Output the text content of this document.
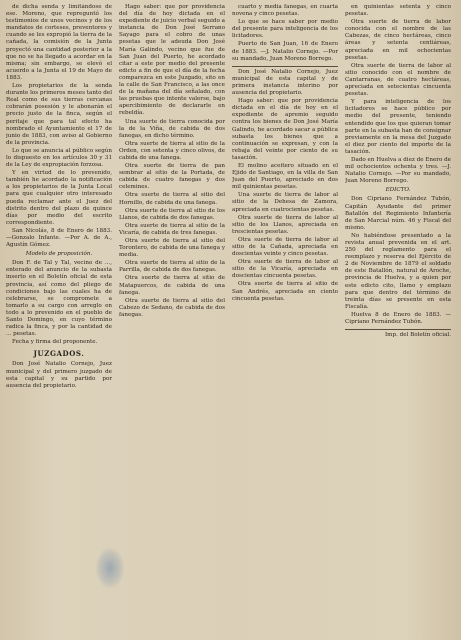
de dicha senda y limitándose de ese. Moreno, que repreguntó los testimonios de unos vecinos y de los mandatos de corteses, preventores y cuando se les expropió la tierra de la cañada, la comisión de la Junta proyectó una cantidad posterior a la que no se ha llegado a acordar en la misma; sin embargo, se elevó el acuerdo a la Junta el 19 de Mayo de 1883.

Los propietarios de la senda durante los primeros meses tanto del Real como de sus tierras cercanas cobrarán posesión y le abonarán el precio justo de la finca, según el peritaje que para tal efecto ha nombrado el Ayuntamiento el 17 de junio de 1883, con aviso al Gobierno de la provincia.

Lo que se anuncia al público según lo dispuesto en los artículos 30 y 31 de la Ley de expropiación forzosa.

Y en virtud de lo prevenido, también he acordado la notificación a los propietarios de la Junta Local para que cualquier otro interesado pueda reclamar ante el Juez del distrito dentro del plazo de quince días por medio del escrito correspondiente.

San Nicolás, 8 de Enero de 1883. —Gonzalo Infante. —Por A. de A., Agustín Gómez.

Modelo de proposición.

Don F. de Tal y Tal, vecino de ..., enterado del anuncio de la subasta inserto en el Boletín oficial de esta provincia, así como del pliego de condiciones bajo las cuales ha de celebrarse, se compromete a tomarlo a su cargo con arreglo en todo a lo prevenido en el pueblo de Santo Domingo, en cuyo término radica la finca, y por la cantidad de ... pesetas.

Fecha y firma del proponente.

JUZGADOS.

Don José Natalio Cornejo, Juez municipal y del primero juzgado de esta capital y su partido por ausencia del propietario.

Hago saber: que por providencia del día de hoy dictada en el expediente de juicio verbal seguido a instancia de Don José Serrano Sayago para el cobro de unas pesetas que le adeuda Don José María Galindo, vecino que fue de San Juan del Puerto, he acordado citar a este por medio del presente edicto a fin de que el día de la fecha comparezca en este Juzgado, sito en la calle de San Francisco, a las once de la mañana del día señalado, con las pruebas que intente valerse, bajo apercibimiento de declararle en rebeldía.

Una suerte de tierra conocida por la de la Viña, de cabida de dos fanegas, en dicho término.

Otra suerte de tierra al sitio de la Orden, con setenta y cinco olivos, de cabida de una fanega.

Otra suerte de tierra de pan sembrar al sitio de la Portada, de cabida de cuatro fanegas y dos celemines.

Otra suerte de tierra al sitio del Hornillo, de cabida de una fanega.

Otra suerte de tierra al sitio de los Llanos, de cabida de dos fanegas.

Otra suerte de tierra al sitio de la Vicaría, de cabida de tres fanegas.

Otra suerte de tierra al sitio del Torontero, de cabida de una fanega y media.

Otra suerte de tierra al sitio de la Parrilla, de cabida de dos fanegas.

Otra suerte de tierra al sitio de Matapuercos, de cabida de una fanega.

Otra suerte de tierra al sitio del Cabezo de Sedano, de cabida de dos fanegas.

cuarto y media fanegas, en cuarta novena y cinco pesetas.

Lo que se hace saber por medio del presente para inteligencia de los licitadores.

Puerto de San Juan, 16 de Enero de 1883. —J. Natalio Cornejo. —Por su mandado, Juan Moreno Borrego.

Don José Natalio Cornejo, Juez municipal de esta capital y de primera instancia interino por ausencia del propietario.

Hago saber: que por providencia dictada en el día de hoy en el expediente de apremio seguido contra los bienes de Don José María Galindo, he acordado sacar a pública subasta los bienes que a continuación se expresan, y con la rebaja del veinte por ciento de su tasación.

El molino aceitero situado en el Ejido de Santiago, en la villa de San Juan del Puerto, apreciado en dos mil quinientas pesetas.

Una suerte de tierra de labor al sitio de la Dehesa de Zamora, apreciada en cuatrocientas pesetas.

Otra suerte de tierra de labor al sitio de los Llanos, apreciada en trescientas pesetas.

Otra suerte de tierra de labor al sitio de la Cañada, apreciada en doscientas veinte y cinco pesetas.

Otra suerte de tierra de labor al sitio de la Vicaría, apreciada en doscientas cincuenta pesetas.

Otra suerte de tierra al sitio de San Andrés, apreciada en ciento cincuenta pesetas.

en quinientas setenta y cinco pesetas.

Otra suerte de tierra de labor conocida con el nombre de las Cabezas, de cinco hectáreas, cinco áreas y setenta centiáreas, apreciada en mil ochocientas pesetas.

Otra suerte de tierra de labor al sitio conocido con el nombre de Cantarranas, de cuatro hectáreas, apreciada en setecientas cincuenta pesetas.

Y para inteligencia de los licitadores se hace público por medio del presente, teniendo entendido que los que quieran tomar parte en la subasta han de consignar previamente en la mesa del Juzgado el diez por ciento del importe de la tasación.

Dado en Huelva a diez de Enero de mil ochocientos ochenta y tres. —J. Natalio Cornejo. —Por su mandado, Juan Moreno Borrego.

EDICTO.

Don Cipriano Fernández Tubón, Capitán Ayudante del primer Batallón del Regimiento Infantería de San Marcial núm. 46 y Fiscal del mismo.

No habiéndose presentado a la revista anual prevenida en el art. 250 del reglamento para el reemplazo y reserva del Ejército de 2 de Noviembre de 1879 el soldado de este Batallón, natural de Aroche, provincia de Huelva, y a quien por este edicto cito, llamo y emplazo para que dentro del término de treinta días se presente en esta Fiscalía.

Huelva 8 de Enero de 1883. —Cipriano Fernández Tubón.

Imp. del Boletín oficial.
